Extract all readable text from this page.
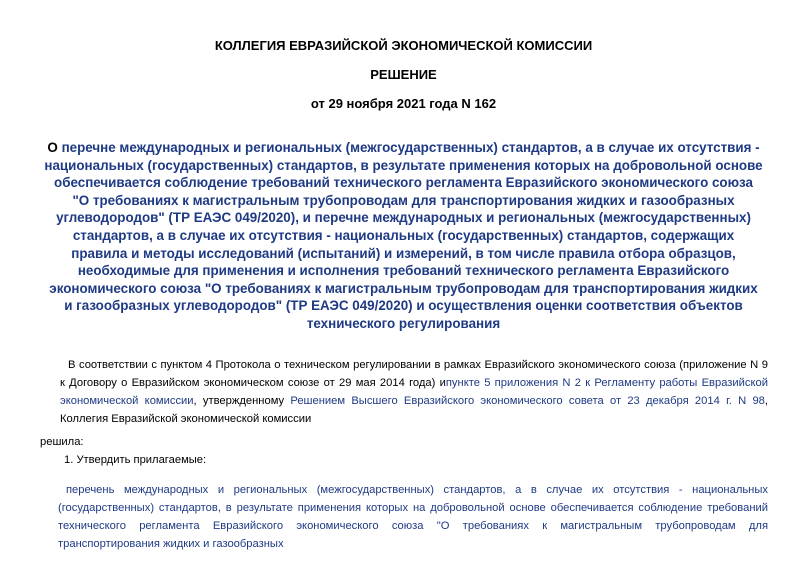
КОЛЛЕГИЯ ЕВРАЗИЙСКОЙ ЭКОНОМИЧЕСКОЙ КОМИССИИ
РЕШЕНИЕ
от 29 ноября 2021 года N 162
О перечне международных и региональных (межгосударственных) стандартов, а в случае их отсутствия - национальных (государственных) стандартов, в результате применения которых на добровольной основе обеспечивается соблюдение требований технического регламента Евразийского экономического союза "О требованиях к магистральным трубопроводам для транспортирования жидких и газообразных углеводородов" (ТР ЕАЭС 049/2020), и перечне международных и региональных (межгосударственных) стандартов, а в случае их отсутствия - национальных (государственных) стандартов, содержащих правила и методы исследований (испытаний) и измерений, в том числе правила отбора образцов, необходимые для применения и исполнения требований технического регламента Евразийского экономического союза "О требованиях к магистральным трубопроводам для транспортирования жидких и газообразных углеводородов" (ТР ЕАЭС 049/2020) и осуществления оценки соответствия объектов технического регулирования
В соответствии с пунктом 4 Протокола о техническом регулировании в рамках Евразийского экономического союза (приложение N 9 к Договору о Евразийском экономическом союзе от 29 мая 2014 года) ипункте 5 приложения N 2 к Регламенту работы Евразийской экономической комиссии, утвержденному Решением Высшего Евразийского экономического совета от 23 декабря 2014 г. N 98, Коллегия Евразийской экономической комиссии
решила:
1. Утвердить прилагаемые:
перечень международных и региональных (межгосударственных) стандартов, а в случае их отсутствия - национальных (государственных) стандартов, в результате применения которых на добровольной основе обеспечивается соблюдение требований технического регламента Евразийского экономического союза "О требованиях к магистральным трубопроводам для транспортирования жидких и газообразных
